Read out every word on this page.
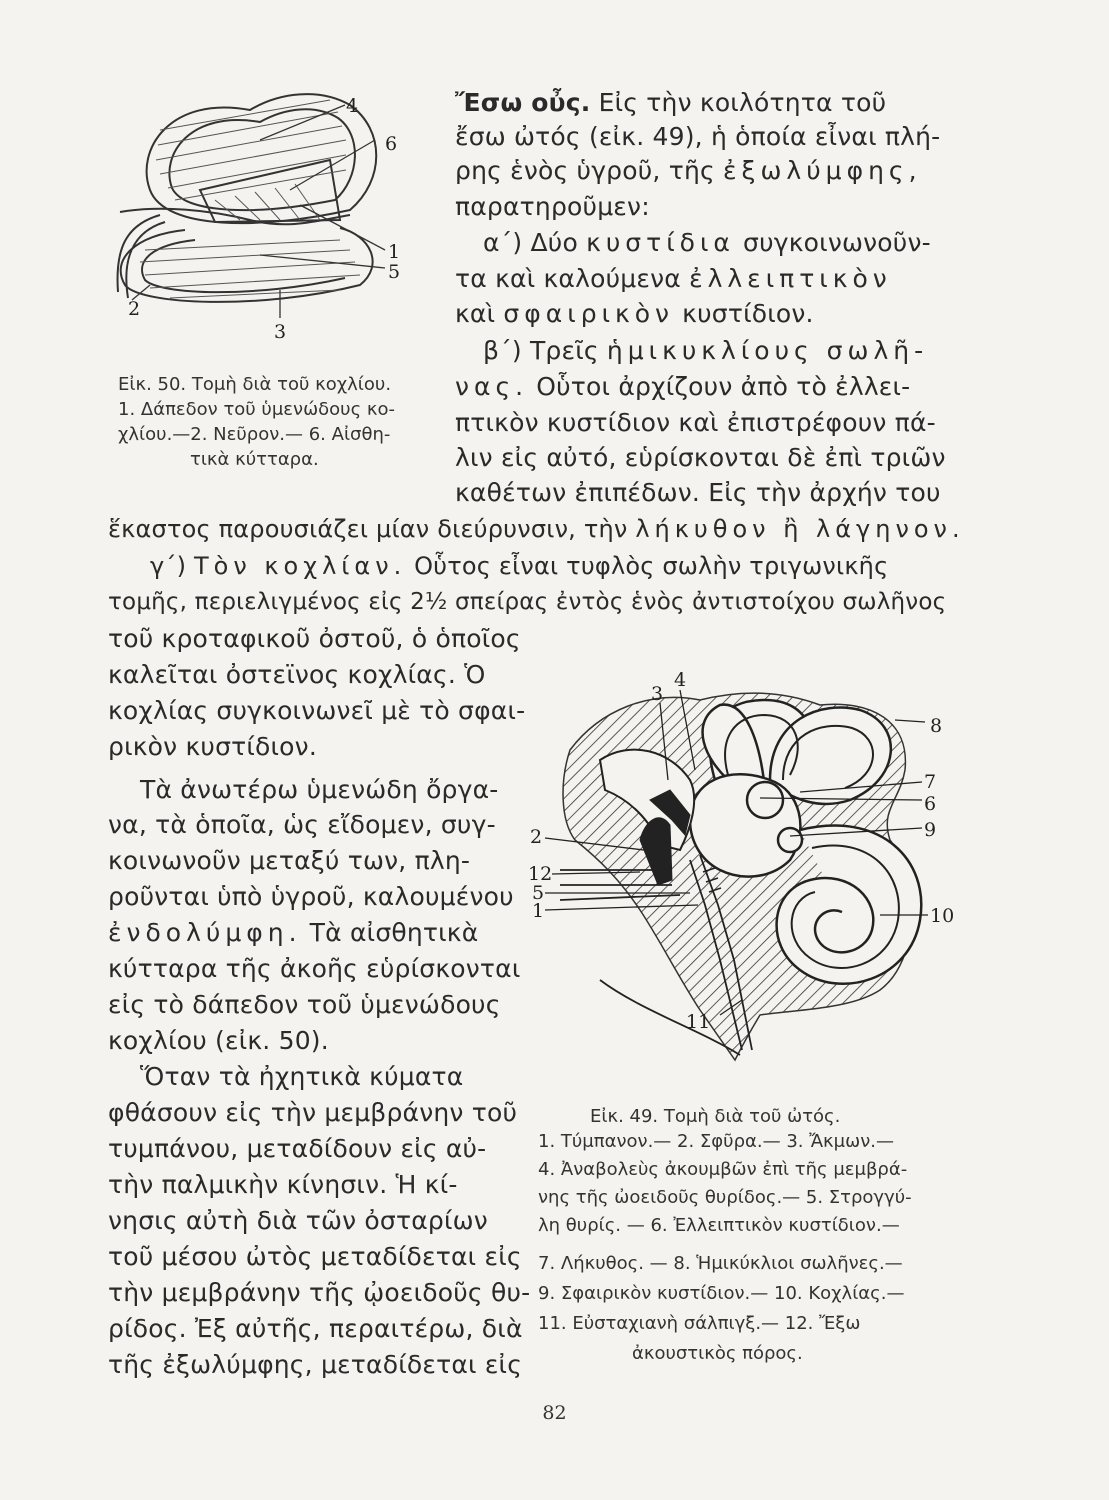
4
6
1
5
2
3
Εἰκ. 50. Τομὴ διὰ τοῦ κοχλίου.
1. Δάπεδον τοῦ ὑμενώδους κο-
χλίου.—2. Νεῦρον.— 6. Αἰσθη-
τικὰ κύτταρα.
Ἔσω οὖς. Εἰς τὴν κοιλότητα τοῦ
ἔσω ὠτός (εἰκ. 49), ἡ ὁποία εἶναι πλή-
ρης ἑνὸς ὑγροῦ, τῆς ἐξωλύμφης,
παρατηροῦμεν:
α΄) Δύο κυστίδια συγκοινωνοῦν-
τα καὶ καλούμενα ἐλλειπτικὸν
καὶ σφαιρικὸν κυστίδιον.
β΄) Τρεῖς ἡμικυκλίους σωλῆ-
νας. Οὗτοι ἀρχίζουν ἀπὸ τὸ ἐλλει-
πτικὸν κυστίδιον καὶ ἐπιστρέφουν πά-
λιν εἰς αὐτό, εὑρίσκονται δὲ ἐπὶ τριῶν
καθέτων ἐπιπέδων. Εἰς τὴν ἀρχήν του
ἕκαστος παρουσιάζει μίαν διεύρυνσιν, τὴν λήκυθον ἢ λάγηνον.
γ΄) Τὸν κοχλίαν. Οὗτος εἶναι τυφλὸς σωλὴν τριγωνικῆς
τομῆς, περιελιγμένος εἰς 2½ σπείρας ἐντὸς ἑνὸς ἀντιστοίχου σωλῆνος
τοῦ κροταφικοῦ ὀστοῦ, ὁ ὁποῖος
καλεῖται ὀστεϊνος κοχλίας. Ὁ
κοχλίας συγκοινωνεῖ μὲ τὸ σφαι-
ρικὸν κυστίδιον.
Τὰ ἀνωτέρω ὑμενώδη ὄργα-
να, τὰ ὁποῖα, ὡς εἴδομεν, συγ-
κοινωνοῦν μεταξύ των, πλη-
ροῦνται ὑπὸ ὑγροῦ, καλουμένου
ἐνδολύμφη. Τὰ αἰσθητικὰ
κύτταρα τῆς ἀκοῆς εὑρίσκονται
εἰς τὸ δάπεδον τοῦ ὑμενώδους
κοχλίου (εἰκ. 50).
Ὅταν τὰ ἠχητικὰ κύματα
φθάσουν εἰς τὴν μεμβράνην τοῦ
τυμπάνου, μεταδίδουν εἰς αὐ-
τὴν παλμικὴν κίνησιν. Ἡ κί-
νησις αὐτὴ διὰ τῶν ὀσταρίων
τοῦ μέσου ὠτὸς μεταδίδεται εἰς
τὴν μεμβράνην τῆς ᾠοειδοῦς θυ-
ρίδος. Ἐξ αὐτῆς, περαιτέρω, διὰ
τῆς ἐξωλύμφης, μεταδίδεται εἰς
3
4
8
7
6
9
2
12
5
1	10
11
Εἰκ. 49. Τομὴ διὰ τοῦ ὠτός.
1. Τύμπανον.— 2. Σφῦρα.— 3. Ἄκμων.—
4. Ἀναβολεὺς ἀκουμβῶν ἐπὶ τῆς μεμβρά-
νης τῆς ὠοειδοῦς θυρίδος.— 5. Στρογγύ-
λη θυρίς. — 6. Ἐλλειπτικὸν κυστίδιον.—
7. Λήκυθος. — 8. Ἡμικύκλιοι σωλῆνες.—
9. Σφαιρικὸν κυστίδιον.— 10. Κοχλίας.—
11. Εὐσταχιανὴ σάλπιγξ.— 12. Ἔξω
ἀκουστικὸς πόρος.
82
